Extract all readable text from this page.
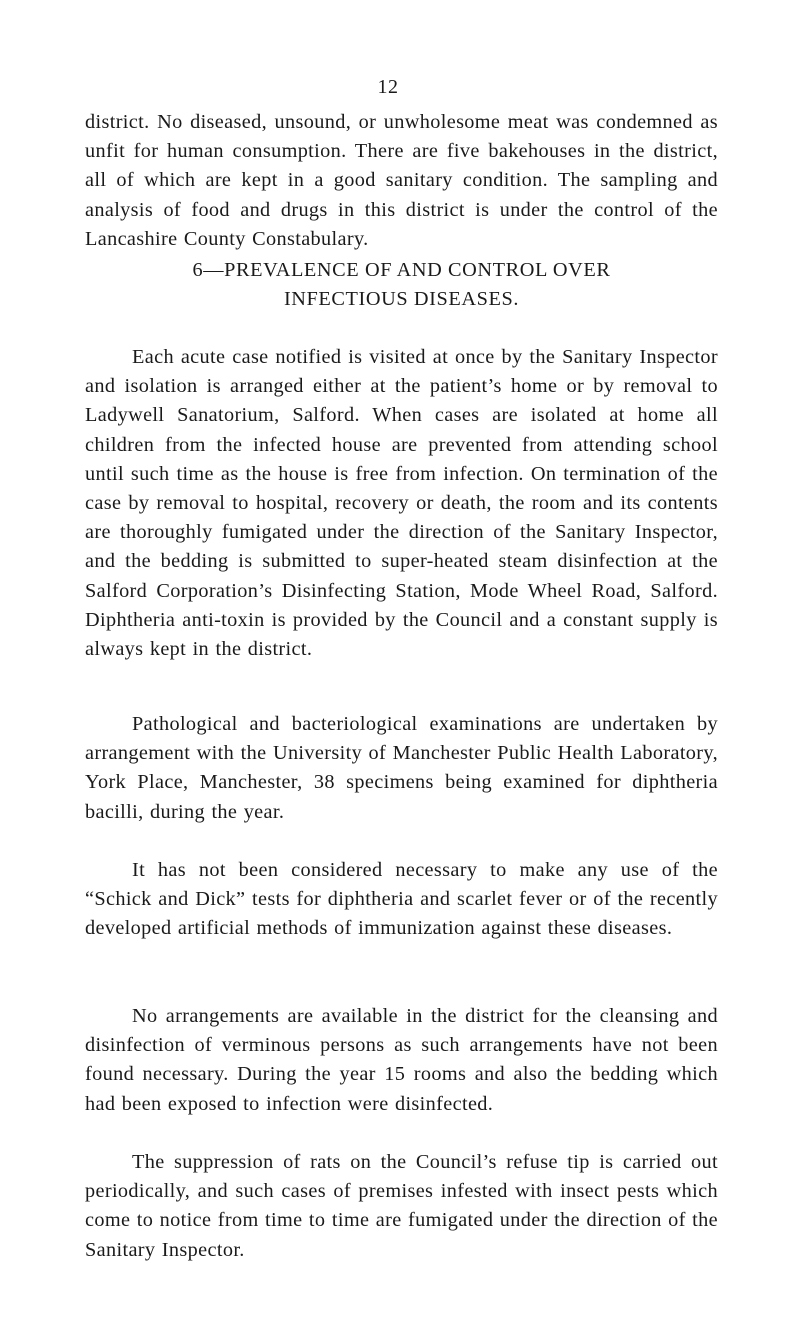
12

district. No diseased, unsound, or unwholesome meat was condemned as unfit for human consumption. There are five bakehouses in the district, all of which are kept in a good sanitary condition. The sampling and analysis of food and drugs in this district is under the control of the Lancashire County Constabulary.

6—PREVALENCE OF AND CONTROL OVER
INFECTIOUS DISEASES.

Each acute case notified is visited at once by the Sanitary Inspector and isolation is arranged either at the patient’s home or by removal to Ladywell Sanatorium, Salford. When cases are isolated at home all children from the infected house are prevented from attending school until such time as the house is free from infection. On termination of the case by removal to hospital, recovery or death, the room and its contents are thoroughly fumigated under the direction of the Sanitary Inspector, and the bedding is submitted to super-heated steam disinfection at the Salford Corporation’s Disinfecting Station, Mode Wheel Road, Salford. Diphtheria anti-toxin is provided by the Council and a constant supply is always kept in the district.

Pathological and bacteriological examinations are undertaken by arrangement with the University of Manchester Public Health Laboratory, York Place, Manchester, 38 specimens being examined for diphtheria bacilli, during the year.

It has not been considered necessary to make any use of the “Schick and Dick” tests for diphtheria and scarlet fever or of the recently developed artificial methods of immunization against these diseases.

No arrangements are available in the district for the cleansing and disinfection of verminous persons as such arrangements have not been found necessary. During the year 15 rooms and also the bedding which had been exposed to infection were disinfected.

The suppression of rats on the Council’s refuse tip is carried out periodically, and such cases of premises infested with insect pests which come to notice from time to time are fumigated under the direction of the Sanitary Inspector.
